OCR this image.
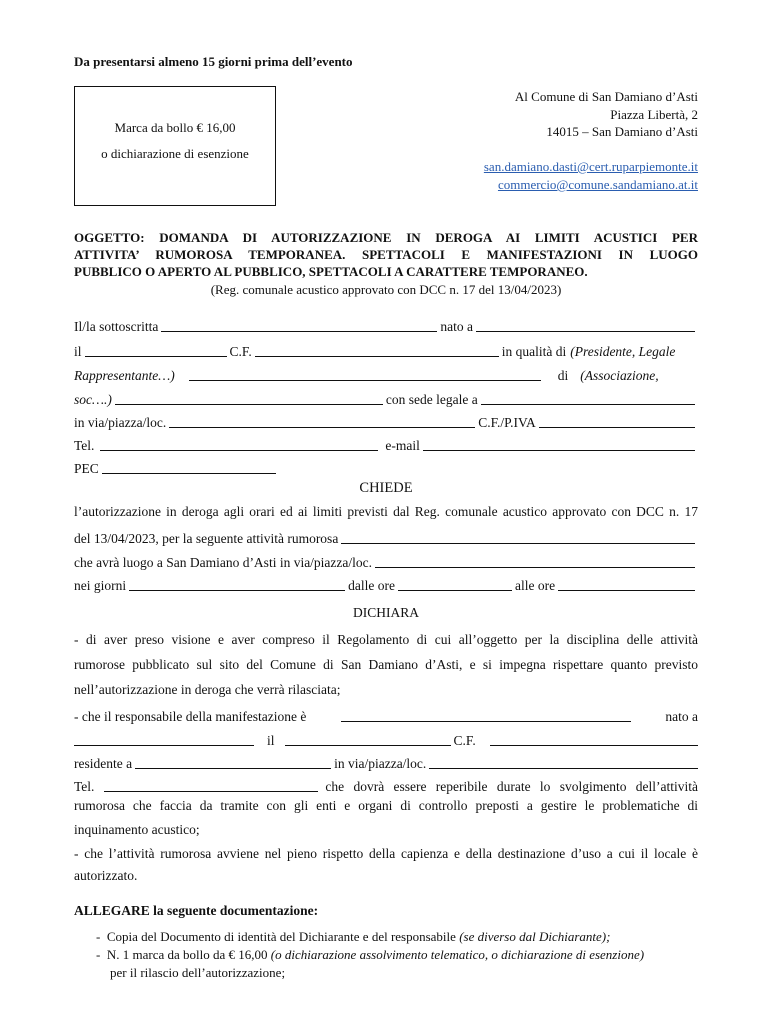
Da presentarsi almeno 15 giorni prima dell’evento
Marca da bollo € 16,00
o dichiarazione di esenzione
Al Comune di San Damiano d’Asti
Piazza Libertà, 2
14015 – San Damiano d’Asti
san.damiano.dasti@cert.ruparpiemonte.it
commercio@comune.sandamiano.at.it
OGGETTO: DOMANDA DI AUTORIZZAZIONE IN DEROGA AI LIMITI ACUSTICI PER
ATTIVITA’ RUMOROSA TEMPORANEA. SPETTACOLI E MANIFESTAZIONI IN LUOGO
PUBBLICO O APERTO AL PUBBLICO, SPETTACOLI A CARATTERE TEMPORANEO.
(Reg. comunale acustico approvato con DCC n. 17 del 13/04/2023)
Il/la sottoscritta	nato a
il	C.F.	in qualità di (Presidente, Legale
Rappresentante…)	di (Associazione,
soc….)	con sede legale a
in via/piazza/loc.	C.F./P.IVA
Tel.	e-mail
PEC
CHIEDE
l’autorizzazione in deroga agli orari ed ai limiti previsti dal Reg. comunale acustico approvato con DCC n. 17
del 13/04/2023, per la seguente attività rumorosa
che avrà luogo a San Damiano d’Asti in via/piazza/loc.
nei giorni	dalle ore	alle ore
DICHIARA
- di aver preso visione e aver compreso il Regolamento di cui all’oggetto per la disciplina delle attività
rumorose pubblicato sul sito del Comune di San Damiano d’Asti, e si impegna rispettare quanto previsto
nell’autorizzazione in deroga che verrà rilasciata;
- che il responsabile della manifestazione è	nato a
il	C.F.
residente a	in via/piazza/loc.
Tel.	che dovrà essere reperibile durate lo svolgimento dell’attività
rumorosa che faccia da tramite con gli enti e organi di controllo preposti a gestire le problematiche di
inquinamento acustico;
- che l’attività rumorosa avviene nel pieno rispetto della capienza e della destinazione d’uso a cui il locale è
autorizzato.
ALLEGARE la seguente documentazione:
-  Copia del Documento di identità del Dichiarante e del responsabile (se diverso dal Dichiarante);
-  N. 1 marca da bollo da € 16,00 (o dichiarazione assolvimento telematico, o dichiarazione di esenzione)
per il rilascio dell’autorizzazione;
